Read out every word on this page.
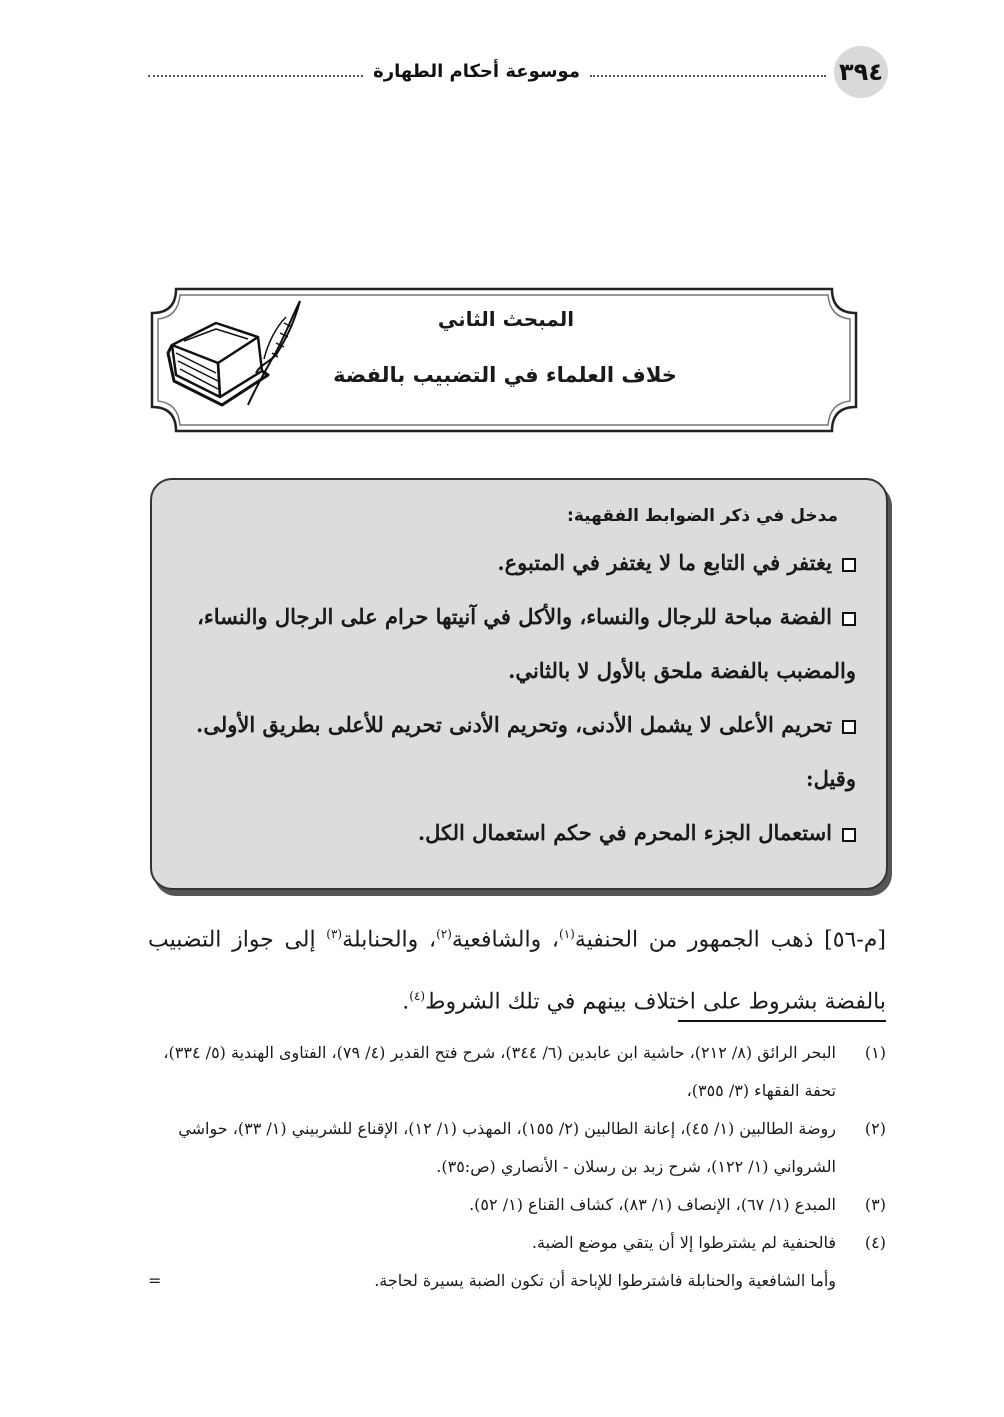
٣٩٤
موسوعة أحكام الطهارة
المبحث الثاني
خلاف العلماء في التضبيب بالفضة
مدخل في ذكر الضوابط الفقهية:
يغتفر في التابع ما لا يغتفر في المتبوع.
الفضة مباحة للرجال والنساء، والأكل في آنيتها حرام على الرجال والنساء،
والمضبب بالفضة ملحق بالأول لا بالثاني.
تحريم الأعلى لا يشمل الأدنى، وتحريم الأدنى تحريم للأعلى بطريق الأولى.
وقيل:
استعمال الجزء المحرم في حكم استعمال الكل.

[م-٥٦] ذهب الجمهور من الحنفية$^{(١)}$، والشافعية$^{(٢)}$، والحنابلة$^{(٣)}$ إلى جواز التضبيب بالفضة بشروط على اختلاف بينهم في تلك الشروط$^{(٤)}$.

(١)
البحر الرائق (٨/ ٢١٢)، حاشية ابن عابدين (٦/ ٣٤٤)، شرح فتح القدير (٤/ ٧٩)، الفتاوى الهندية (٥/ ٣٣٤)، تحفة الفقهاء (٣/ ٣٥٥)،
(٢)
روضة الطالبين (١/ ٤٥)، إعانة الطالبين (٢/ ١٥٥)، المهذب (١/ ١٢)، الإقناع للشربيني (١/ ٣٣)، حواشي الشرواني (١/ ١٢٢)، شرح زبد بن رسلان - الأنصاري (ص:٣٥).
(٣)
المبدع (١/ ٦٧)، الإنصاف (١/ ٨٣)، كشاف القناع (١/ ٥٢).
(٤)
فالحنفية لم يشترطوا إلا أن يتقي موضع الضبة.
وأما الشافعية والحنابلة فاشترطوا للإباحة أن تكون الضبة يسيرة لحاجة.
=
